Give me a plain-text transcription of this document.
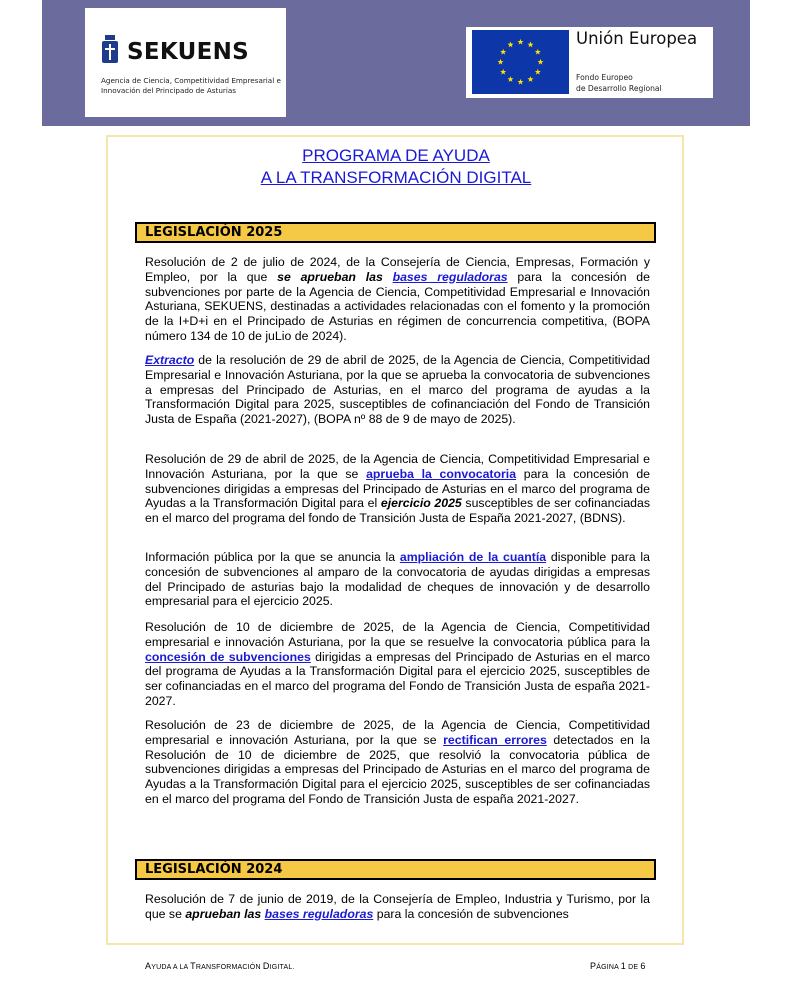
SEKUENS
Agencia de Ciencia, Competitividad Empresarial e Innovación del Principado de Asturias
Unión Europea
Fondo Europeo
de Desarrollo Regional
PROGRAMA DE AYUDA
A LA TRANSFORMACIÓN DIGITAL
LEGISLACIÓN 2025

Resolución de 2 de julio de 2024, de la Consejería de Ciencia, Empresas, Formación y Empleo, por la que se aprueban las bases reguladoras para la concesión de subvenciones por parte de la Agencia de Ciencia, Competitividad Empresarial e Innovación Asturiana, SEKUENS, destinadas a actividades relacionadas con el fomento y la promoción de la I+D+i en el Principado de Asturias en régimen de concurrencia competitiva, (BOPA número 134 de 10 de juLio de 2024).

Extracto de la resolución de 29 de abril de 2025, de la Agencia de Ciencia, Competitividad Empresarial e Innovación Asturiana, por la que se aprueba la convocatoria de subvenciones a empresas del Principado de Asturias, en el marco del programa de ayudas a la Transformación Digital para 2025, susceptibles de cofinanciación del Fondo de Transición Justa de España (2021-2027), (BOPA nº 88 de 9 de mayo de 2025).

Resolución de 29 de abril de 2025, de la Agencia de Ciencia, Competitividad Empresarial e Innovación Asturiana, por la que se aprueba la convocatoria para la concesión de subvenciones dirigidas a empresas del Principado de Asturias en el marco del programa de Ayudas a la Transformación Digital para el ejercicio 2025 susceptibles de ser cofinanciadas en el marco del programa del fondo de Transición Justa de España 2021-2027, (BDNS).

Información pública por la que se anuncia la ampliación de la cuantía disponible para la concesión de subvenciones al amparo de la convocatoria de ayudas dirigidas a empresas del Principado de asturias bajo la modalidad de cheques de innovación y de desarrollo empresarial para el ejercicio 2025.

Resolución de 10 de diciembre de 2025, de la Agencia de Ciencia, Competitividad empresarial e innovación Asturiana, por la que se resuelve la convocatoria pública para la concesión de subvenciones dirigidas a empresas del Principado de Asturias en el marco del programa de Ayudas a la Transformación Digital para el ejercicio 2025, susceptibles de ser cofinanciadas en el marco del programa del Fondo de Transición Justa de españa 2021-2027.

Resolución de 23 de diciembre de 2025, de la Agencia de Ciencia, Competitividad empresarial e innovación Asturiana, por la que se rectifican errores detectados en la Resolución de 10 de diciembre de 2025, que resolvió la convocatoria pública de subvenciones dirigidas a empresas del Principado de Asturias en el marco del programa de Ayudas a la Transformación Digital para el ejercicio 2025, susceptibles de ser cofinanciadas en el marco del programa del Fondo de Transición Justa de españa 2021-2027.

LEGISLACIÓN 2024

Resolución de 7 de junio de 2019, de la Consejería de Empleo, Industria y Turismo, por la que se aprueban las bases reguladoras para la concesión de subvenciones

AYUDA A LA TRANSFORMACIÓN DIGITAL.	PÁGINA 1 DE 6
